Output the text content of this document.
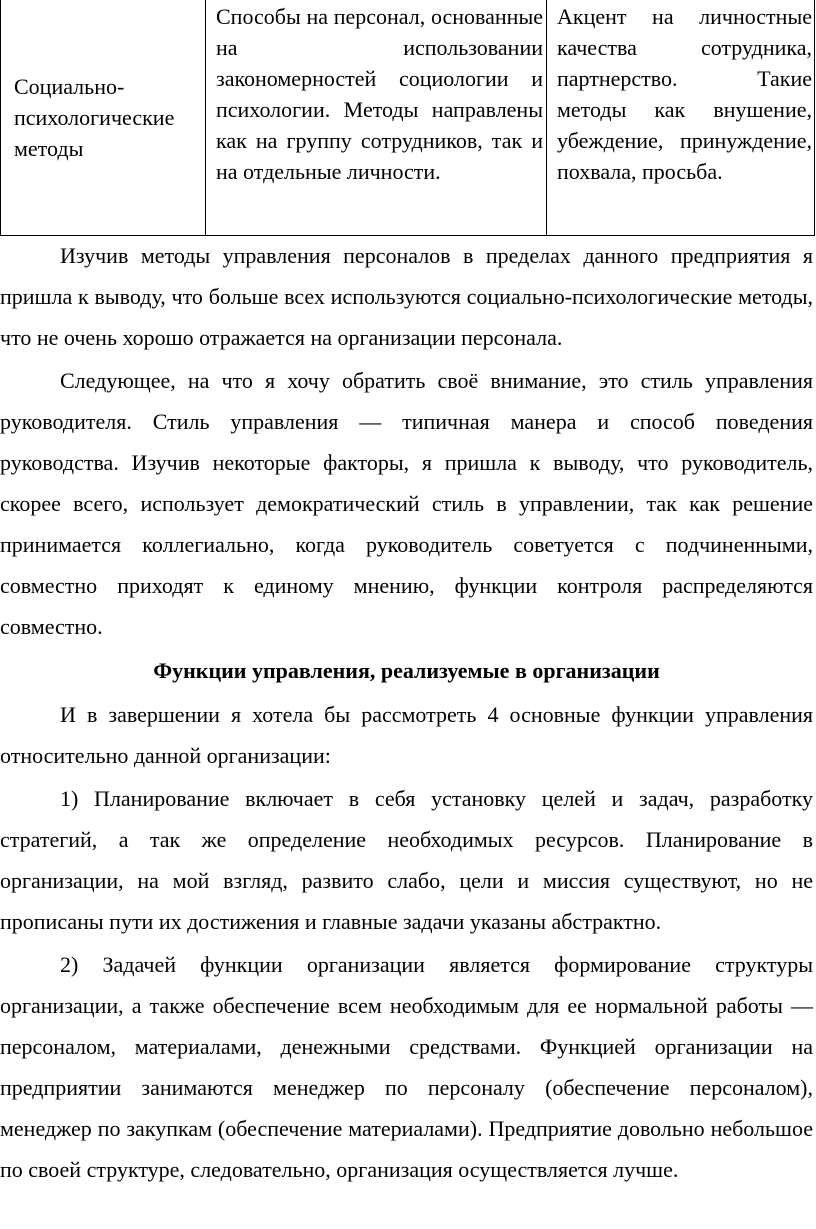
Социально-психологические методы	Способы на персонал, основанные на использовании закономерностей социологии и психологии. Методы направлены как на группу сотрудников, так и на отдельные личности.	Акцент на личностные качества сотрудника, партнерство. Такие методы как внушение, убеждение, принуждение, похвала, просьба.

Изучив методы управления персоналов в пределах данного предприятия я пришла к выводу, что больше всех используются социально-психологические методы, что не очень хорошо отражается на организации персонала.

Следующее, на что я хочу обратить своё внимание, это стиль управления руководителя. Стиль управления — типичная манера и способ поведения руководства. Изучив некоторые факторы, я пришла к выводу, что руководитель, скорее всего, использует демократический стиль в управлении, так как решение принимается коллегиально, когда руководитель советуется с подчиненными, совместно приходят к единому мнению, функции контроля распределяются совместно.

Функции управления, реализуемые в организации

И в завершении я хотела бы рассмотреть 4 основные функции управления относительно данной организации:

1) Планирование включает в себя установку целей и задач, разработку стратегий, а так же определение необходимых ресурсов. Планирование в организации, на мой взгляд, развито слабо, цели и миссия существуют, но не прописаны пути их достижения и главные задачи указаны абстрактно.

2) Задачей функции организации является формирование структуры организации, а также обеспечение всем необходимым для ее нормальной работы — персоналом, материалами, денежными средствами. Функцией организации на предприятии занимаются менеджер по персоналу (обеспечение персоналом), менеджер по закупкам (обеспечение материалами). Предприятие довольно небольшое по своей структуре, следовательно, организация осуществляется лучше.
